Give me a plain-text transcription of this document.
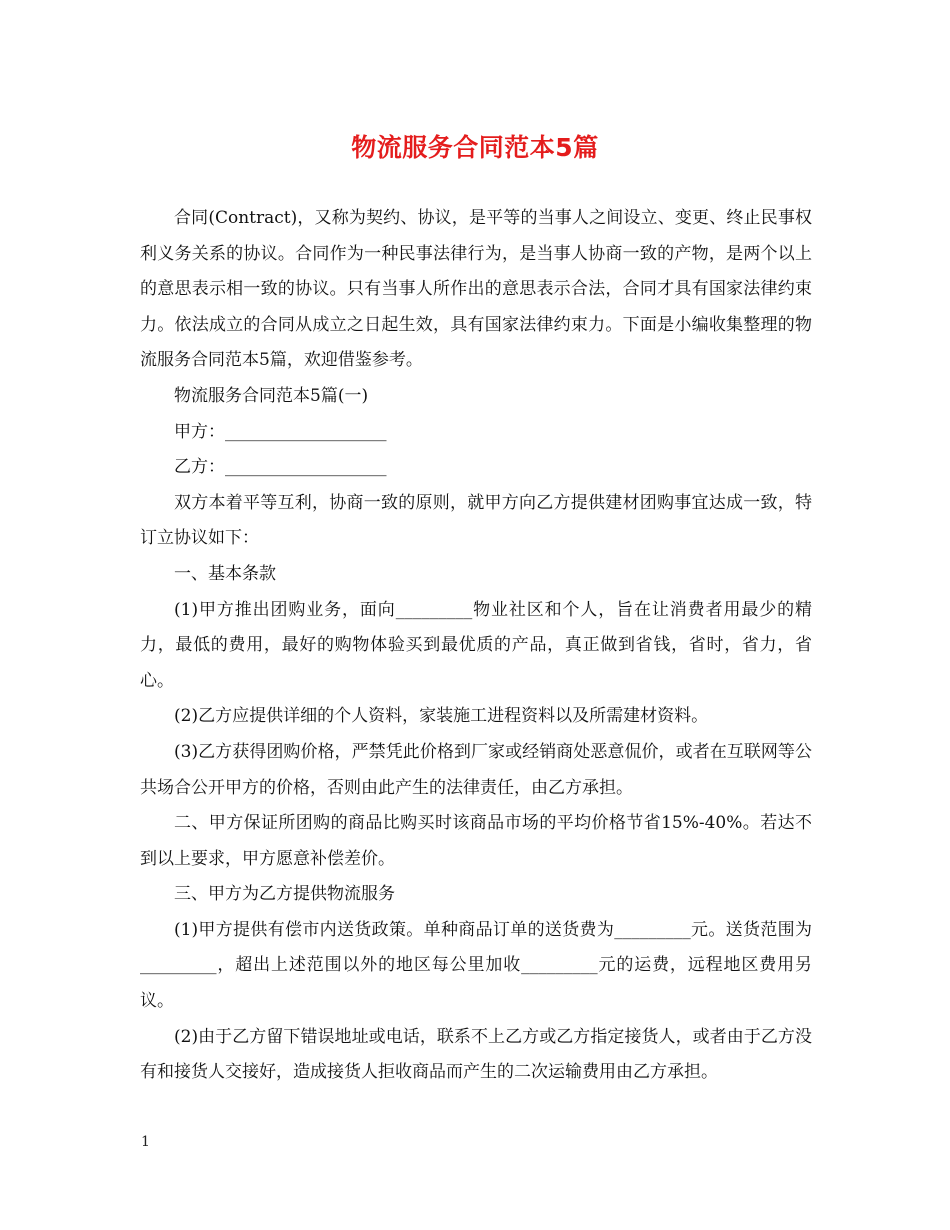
物流服务合同范本5篇

合同(Contract)，又称为契约、协议，是平等的当事人之间设立、变更、终止民事权利义务关系的协议。合同作为一种民事法律行为，是当事人协商一致的产物，是两个以上的意思表示相一致的协议。只有当事人所作出的意思表示合法，合同才具有国家法律约束力。依法成立的合同从成立之日起生效，具有国家法律约束力。下面是小编收集整理的物流服务合同范本5篇，欢迎借鉴参考。

物流服务合同范本5篇(一)

甲方：___________________

乙方：___________________

双方本着平等互利，协商一致的原则，就甲方向乙方提供建材团购事宜达成一致，特订立协议如下：

一、基本条款

(1)甲方推出团购业务，面向_________物业社区和个人，旨在让消费者用最少的精力，最低的费用，最好的购物体验买到最优质的产品，真正做到省钱，省时，省力，省心。

(2)乙方应提供详细的个人资料，家装施工进程资料以及所需建材资料。

(3)乙方获得团购价格，严禁凭此价格到厂家或经销商处恶意侃价，或者在互联网等公共场合公开甲方的价格，否则由此产生的法律责任，由乙方承担。

二、甲方保证所团购的商品比购买时该商品市场的平均价格节省15%-40%。若达不到以上要求，甲方愿意补偿差价。

三、甲方为乙方提供物流服务

(1)甲方提供有偿市内送货政策。单种商品订单的送货费为_________元。送货范围为_________，超出上述范围以外的地区每公里加收_________元的运费，远程地区费用另议。

(2)由于乙方留下错误地址或电话，联系不上乙方或乙方指定接货人，或者由于乙方没有和接货人交接好，造成接货人拒收商品而产生的二次运输费用由乙方承担。

1
